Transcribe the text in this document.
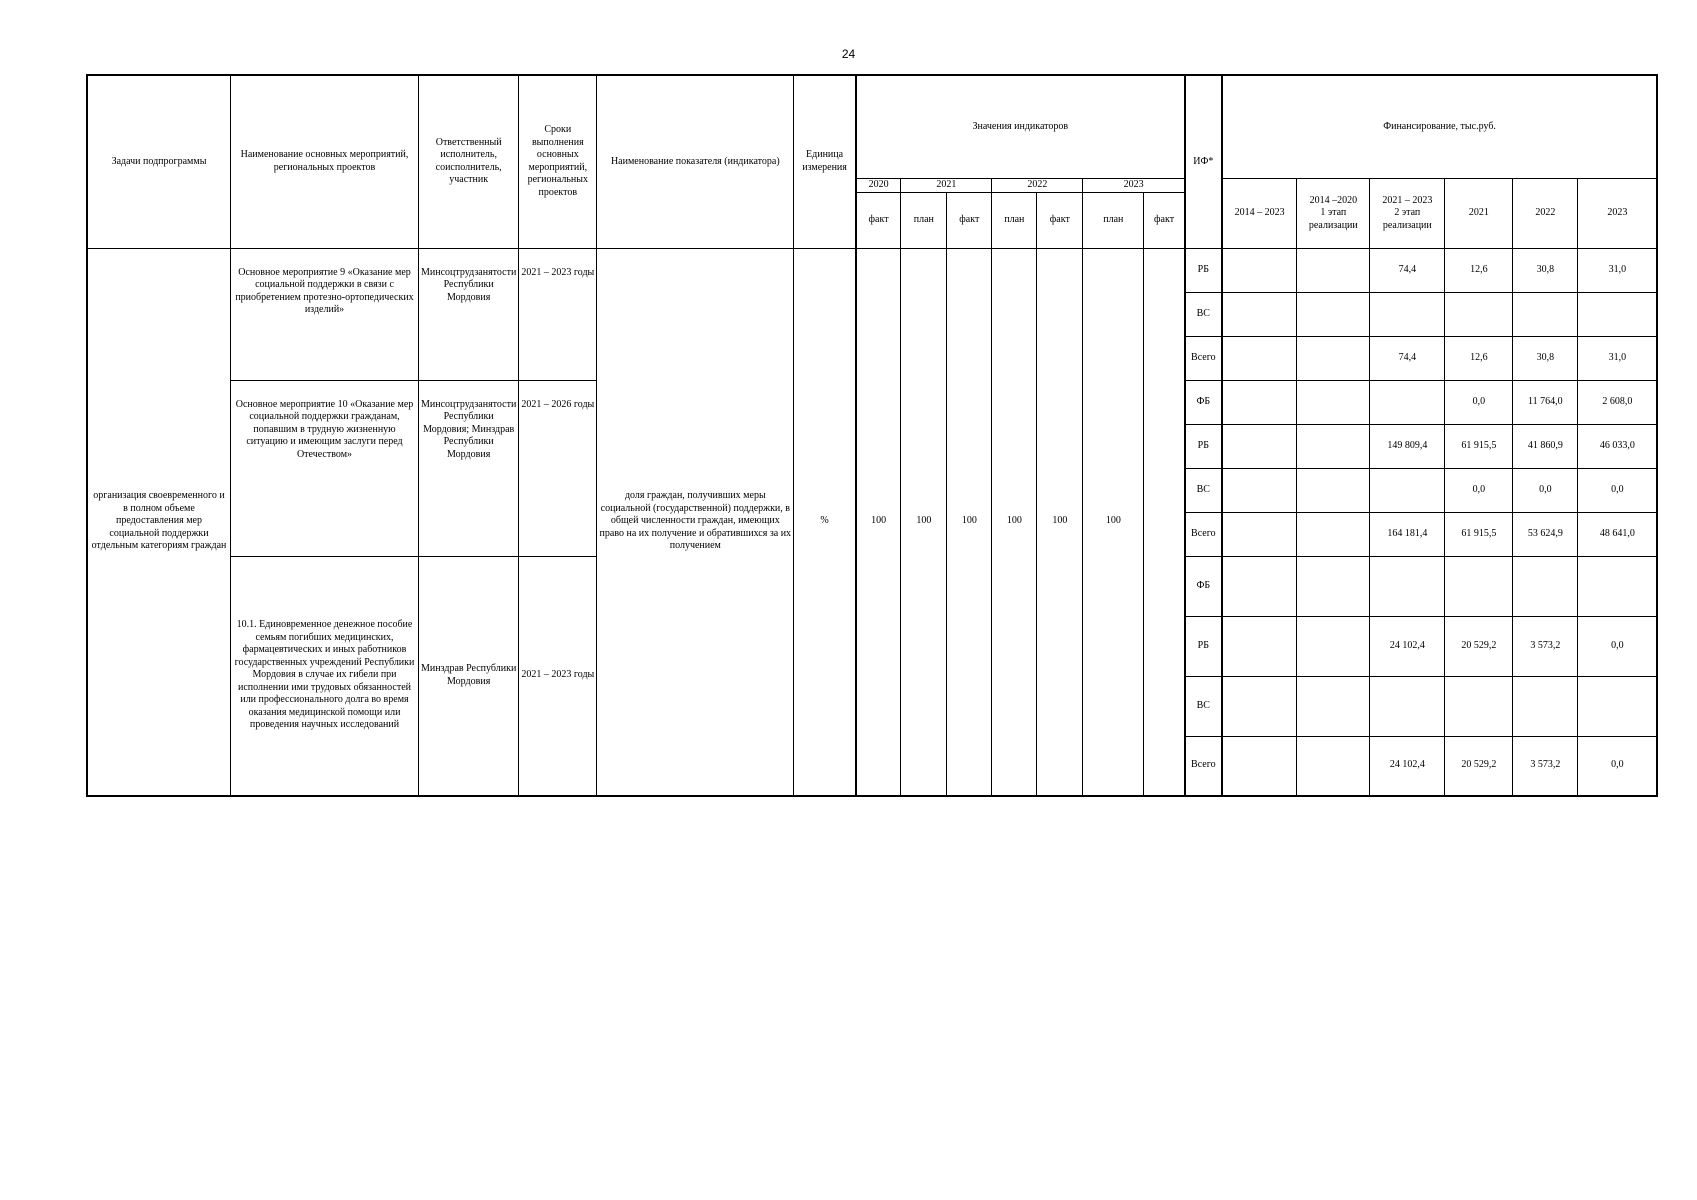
24
Задачи подпрограммы	Наименование основных мероприятий, региональных проектов	Ответственный исполнитель, соисполнитель, участник	Сроки выполнения основных мероприятий, региональных проектов	Наименование показателя (индикатора)	Единица измерения	Значения индикаторов							ИФ*	Финансирование, тыс.руб.					
						2020	2021		2022		2023			2014 – 2023	2014 –2020
1 этап
реализации	2021 – 2023
2 этап
реализации	2021	2022	2023
						факт	план	факт	план	факт	план	факт							
организация своевременного и в полном объеме предоставления мер социальной поддержки отдельным категориям граждан	Основное мероприятие 9 «Оказание мер социальной поддержки в связи с приобретением протезно-ортопедических изделий»	Минсоцтрудзанятости Республики Мордовия	2021 – 2023 годы	доля граждан, получивших меры социальной (государственной) поддержки, в общей численности граждан, имеющих право на их получение и обратившихся за их получением	%	100	100	100	100	100	100		РБ			74,4	12,6	30,8	31,0
													ВС						
													Всего			74,4	12,6	30,8	31,0
	Основное мероприятие 10 «Оказание мер социальной поддержки гражданам, попавшим в трудную жизненную ситуацию и имеющим заслуги перед Отечеством»	Минсоцтрудзанятости Республики Мордовия; Минздрав Республики Мордовия	2021 – 2026 годы										ФБ				0,0	11 764,0	2 608,0
													РБ			149 809,4	61 915,5	41 860,9	46 033,0
													ВС				0,0	0,0	0,0
													Всего			164 181,4	61 915,5	53 624,9	48 641,0
	10.1. Единовременное денежное пособие семьям погибших медицинских, фармацевтических и иных работников государственных учреждений Республики Мордовия в случае их гибели при исполнении ими трудовых обязанностей или профессионального долга во время оказания медицинской помощи или проведения научных исследований	Минздрав Республики Мордовия	2021 – 2023 годы										ФБ						
													РБ			24 102,4	20 529,2	3 573,2	0,0
													ВС						
													Всего			24 102,4	20 529,2	3 573,2	0,0
